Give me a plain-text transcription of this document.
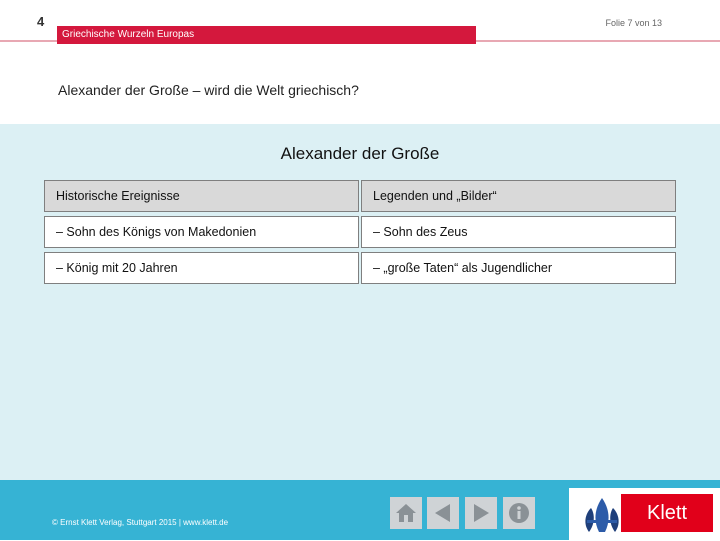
4	Folie 7 von 13
Griechische Wurzeln Europas
Alexander der Große – wird die Welt griechisch?
Alexander der Große
Historische Ereignisse	Legenden und „Bilder“
– Sohn des Königs von Makedonien	– Sohn des Zeus
– König mit 20 Jahren	– „große Taten“ als Jugendlicher
© Ernst Klett Verlag, Stuttgart 2015 | www.klett.de	Klett
